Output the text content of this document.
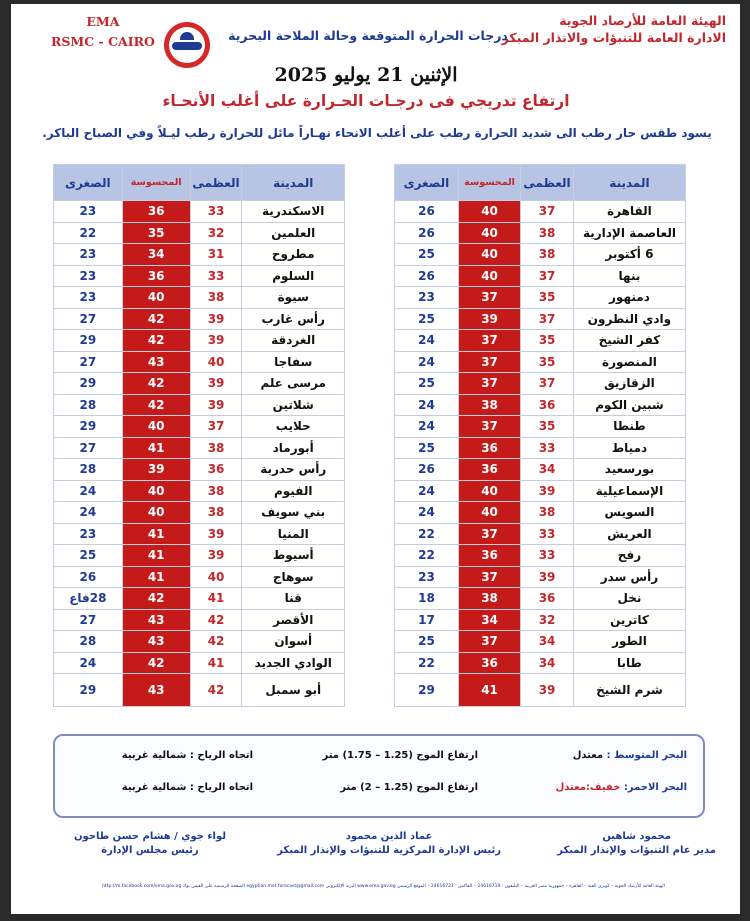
الهيئة العامة للأرصاد الجوية
الادارة العامة للتنبؤات والانذار المبكر
درجات الحرارة المتوقعة وحالة الملاحة البحرية
EMA
RSMC - CAIRO
الإثنين 21 يوليو 2025
ارتفاع تدريجي فى درجـات الحـرارة على أغلب الأنحـاء
يسود طقس حار رطب الى شديد الحرارة رطب على أغلب الانحاء نهـاراً مائل للحرارة رطب ليـلاً وفي الصباح الباكر.
المدينة	العظمى	المحسوسة	الصغرى
القاهرة	37	40	26
العاصمة الإدارية	38	40	26
6 أكتوبر	38	40	25
بنها	37	40	26
دمنهور	35	37	23
وادي النطرون	37	39	25
كفر الشيخ	35	37	24
المنصورة	35	37	24
الزقازيق	37	37	25
شبين الكوم	36	38	24
طنطا	35	37	24
دمياط	33	36	25
بورسعيد	34	36	26
الإسماعيلية	39	40	24
السويس	38	40	24
العريش	33	37	22
رفح	33	36	22
رأس سدر	39	37	23
نخل	36	38	18
كاترين	32	34	17
الطور	34	37	25
طابا	34	36	22
شرم الشيخ	39	41	29
المدينة	العظمى	المحسوسة	الصغرى
الاسكندرية	33	36	23
العلمين	32	35	22
مطروح	31	34	23
السلوم	33	36	23
سيوة	38	40	23
رأس غارب	39	42	27
الغردقة	39	42	29
سفاجا	40	43	27
مرسى علم	39	42	29
شلاتين	39	42	28
حلايب	37	40	29
أبورماد	38	41	27
رأس حدربة	36	39	28
الفيوم	38	40	24
بني سويف	38	40	24
المنيا	39	41	23
أسيوط	39	41	25
سوهاج	40	41	26
قنا	41	42	28فاع
الأقصر	42	43	27
أسوان	42	43	28
الوادي الجديد	41	42	24
أبو سمبل	42	43	29
البحر المتوسط : معتدل
ارتفاع الموج (1.25 – 1.75) متر
اتجاه الرياح : شمالية غربية
البحر الاحمر: خفيف:معتدل
ارتفاع الموج (1.25 – 2) متر
اتجاه الرياح : شمالية غربية
محمود شاهين
مدير عام التنبؤات والإنذار المبكر
عماد الدين محمود
رئيس الإدارة المركزية للتنبؤات والإنذار المبكر
لواء جوي / هشام حسن طاحون
رئيس مجلس الإدارة
الهيئة العامة للأرصاد الجوية – كوبري القبة – القاهرة – جمهورية مصر العربية – التليفون : 24616719 – الفاكس : 24616721 – الموقع الرسمي www.ema.gov.eg البريد الإلكتروني egyptian.met.forecast@gmail.com الصفحة الرسمية على الفيس بوك http://m.facebook.com/ema.gov.eg
